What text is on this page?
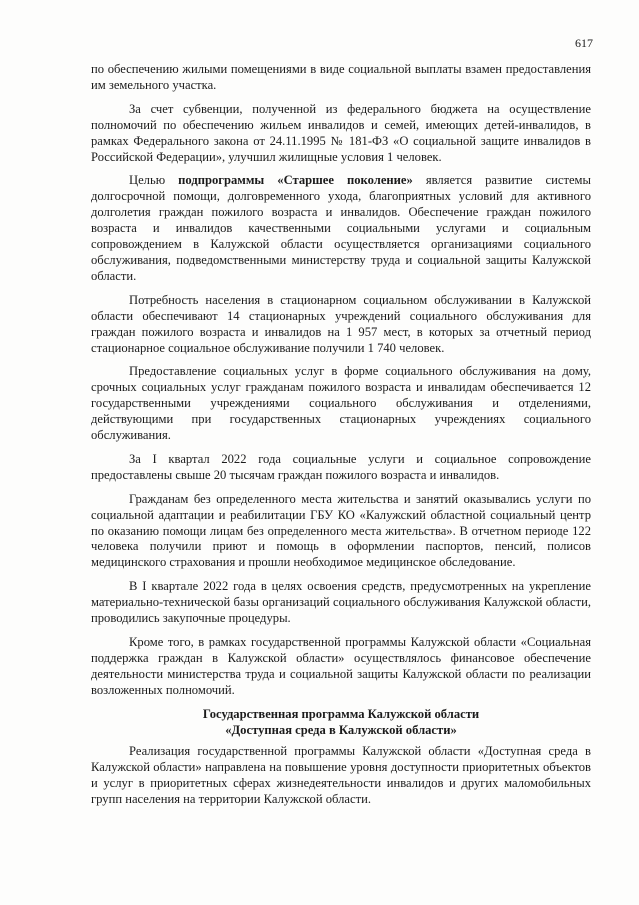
617

по обеспечению жилыми помещениями в виде социальной выплаты взамен предоставления им земельного участка.

За счет субвенции, полученной из федерального бюджета на осуществление полномочий по обеспечению жильем инвалидов и семей, имеющих детей-инвалидов, в рамках Федерального закона от 24.11.1995 № 181-ФЗ «О социальной защите инвалидов в Российской Федерации», улучшил жилищные условия 1 человек.

Целью подпрограммы «Старшее поколение» является развитие системы долгосрочной помощи, долговременного ухода, благоприятных условий для активного долголетия граждан пожилого возраста и инвалидов. Обеспечение граждан пожилого возраста и инвалидов качественными социальными услугами и социальным сопровождением в Калужской области осуществляется организациями социального обслуживания, подведомственными министерству труда и социальной защиты Калужской области.

Потребность населения в стационарном социальном обслуживании в Калужской области обеспечивают 14 стационарных учреждений социального обслуживания для граждан пожилого возраста и инвалидов на 1 957 мест, в которых за отчетный период стационарное социальное обслуживание получили 1 740 человек.

Предоставление социальных услуг в форме социального обслуживания на дому, срочных социальных услуг гражданам пожилого возраста и инвалидам обеспечивается 12 государственными учреждениями социального обслуживания и отделениями, действующими при государственных стационарных учреждениях социального обслуживания.

За I квартал 2022 года социальные услуги и социальное сопровождение предоставлены свыше 20 тысячам граждан пожилого возраста и инвалидов.

Гражданам без определенного места жительства и занятий оказывались услуги по социальной адаптации и реабилитации ГБУ КО «Калужский областной социальный центр по оказанию помощи лицам без определенного места жительства». В отчетном периоде 122 человека получили приют и помощь в оформлении паспортов, пенсий, полисов медицинского страхования и прошли необходимое медицинское обследование.

В I квартале 2022 года в целях освоения средств, предусмотренных на укрепление материально-технической базы организаций социального обслуживания Калужской области, проводились закупочные процедуры.

Кроме того, в рамках государственной программы Калужской области «Социальная поддержка граждан в Калужской области» осуществлялось финансовое обеспечение деятельности министерства труда и социальной защиты Калужской области по реализации возложенных полномочий.

Государственная программа Калужской области
«Доступная среда в Калужской области»

Реализация государственной программы Калужской области «Доступная среда в Калужской области» направлена на повышение уровня доступности приоритетных объектов и услуг в приоритетных сферах жизнедеятельности инвалидов и других маломобильных групп населения на территории Калужской области.
